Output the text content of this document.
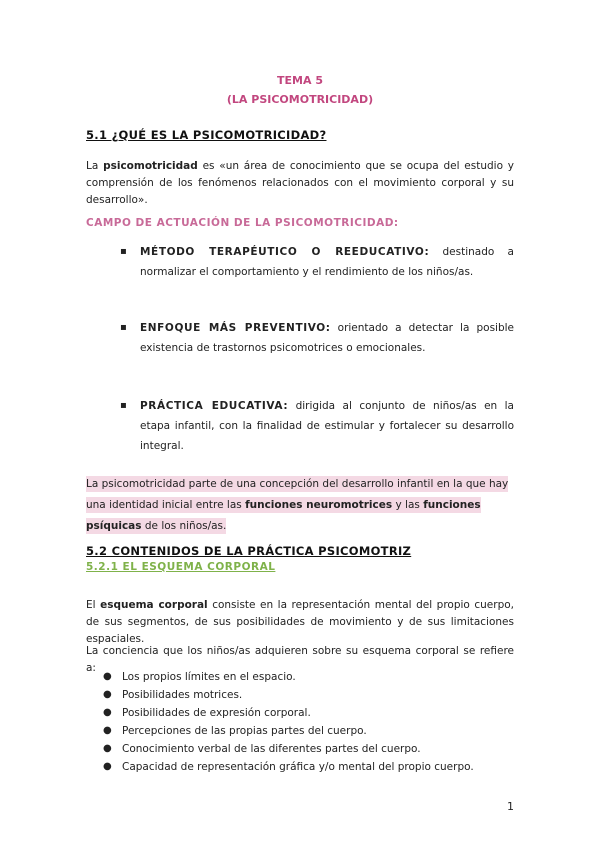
TEMA 5
(LA PSICOMOTRICIDAD)
5.1 ¿QUÉ ES LA PSICOMOTRICIDAD?
La psicomotricidad es «un área de conocimiento que se ocupa del estudio y comprensión de los fenómenos relacionados con el movimiento corporal y su desarrollo».
CAMPO DE ACTUACIÓN DE LA PSICOMOTRICIDAD:
▪ MÉTODO TERAPÉUTICO O REEDUCATIVO: destinado a normalizar el comportamiento y el rendimiento de los niños/as.
▪ ENFOQUE MÁS PREVENTIVO: orientado a detectar la posible existencia de trastornos psicomotrices o emocionales.
▪ PRÁCTICA EDUCATIVA: dirigida al conjunto de niños/as en la etapa infantil, con la finalidad de estimular y fortalecer su desarrollo integral.
La psicomotricidad parte de una concepción del desarrollo infantil en la que hay una identidad inicial entre las funciones neuromotrices y las funciones psíquicas de los niños/as.
5.2 CONTENIDOS DE LA PRÁCTICA PSICOMOTRIZ
5.2.1 EL ESQUEMA CORPORAL
El esquema corporal consiste en la representación mental del propio cuerpo, de sus segmentos, de sus posibilidades de movimiento y de sus limitaciones espaciales.
La conciencia que los niños/as adquieren sobre su esquema corporal se refiere a:
● Los propios límites en el espacio.
● Posibilidades motrices.
● Posibilidades de expresión corporal.
● Percepciones de las propias partes del cuerpo.
● Conocimiento verbal de las diferentes partes del cuerpo.
● Capacidad de representación gráfica y/o mental del propio cuerpo.
1
